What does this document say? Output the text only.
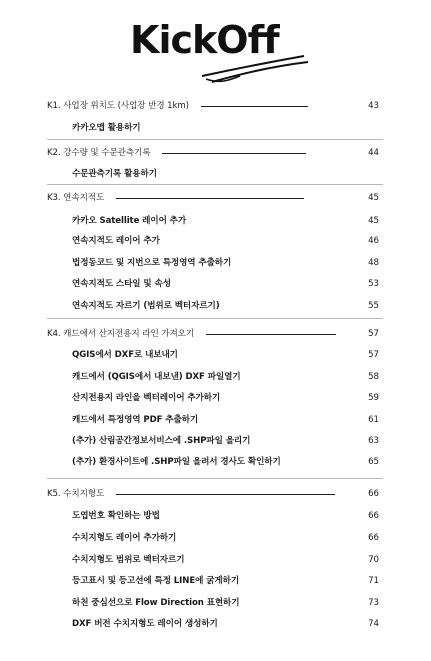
KickOff
K1. 사업장 위치도 (사업장 반경 1km)	43
카카오맵 활용하기
K2. 강수량 및 수문관측기록	44
수문관측기록 활용하기
K3. 연속지적도	45
카카오 Satellite 레이어 추가	45
연속지적도 레이어 추가	46
법정동코드 및 지번으로 특정영역 추출하기	48
연속지적도 스타일 및 속성	53
연속지적도 자르기 (범위로 벡터자르기)	55
K4. 캐드에서 산지전용지 라인 가져오기	57
QGIS에서 DXF로 내보내기	57
캐드에서 (QGIS에서 내보낸) DXF 파일열기	58
산지전용지 라인을 벡터레이어 추가하기	59
캐드에서 특정영역 PDF 추출하기	61
(추가) 산림공간정보서비스에 .SHP파일 올리기	63
(추가) 환경사이트에 .SHP파일 올려서 경사도 확인하기	65
K5. 수치지형도	66
도엽번호 확인하는 방법	66
수치지형도 레이어 추가하기	66
수치지형도 범위로 벡터자르기	70
등고표시 및 등고선에 특정 LINE에 굵게하기	71
하천 중심선으로 Flow Direction 표현하기	73
DXF 버전 수치지형도 레이어 생성하기	74
